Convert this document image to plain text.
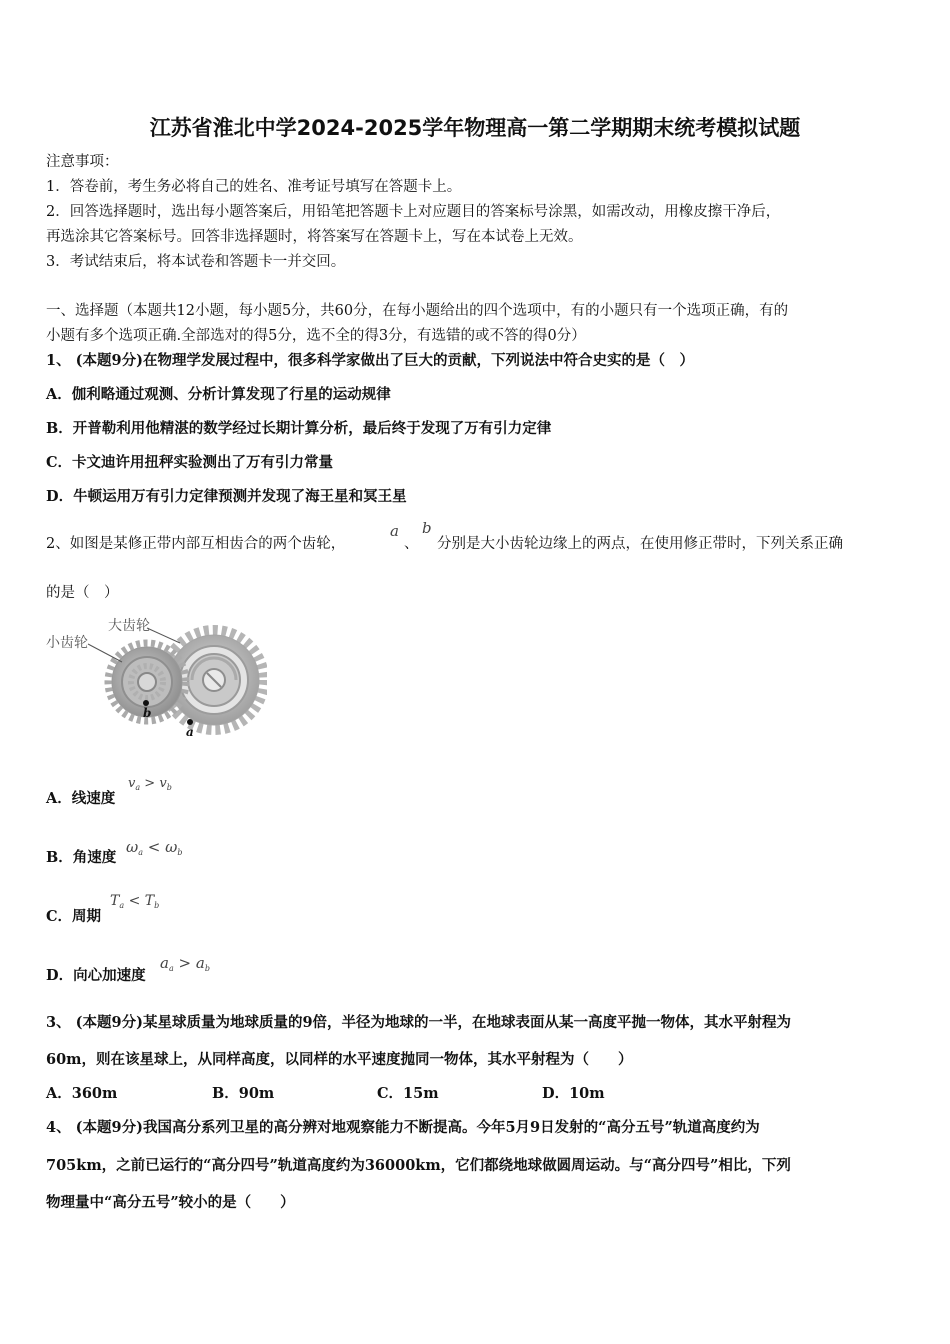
江苏省淮北中学2024-2025学年物理高一第二学期期末统考模拟试题
注意事项：
1．答卷前，考生务必将自己的姓名、准考证号填写在答题卡上。
2．回答选择题时，选出每小题答案后，用铅笔把答题卡上对应题目的答案标号涂黑，如需改动，用橡皮擦干净后，
再选涂其它答案标号。回答非选择题时，将答案写在答题卡上，写在本试卷上无效。
3．考试结束后，将本试卷和答题卡一并交回。
一、选择题（本题共12小题，每小题5分，共60分，在每小题给出的四个选项中，有的小题只有一个选项正确，有的
小题有多个选项正确.全部选对的得5分，选不全的得3分，有选错的或不答的得0分）
1、 (本题9分)在物理学发展过程中，很多科学家做出了巨大的贡献，下列说法中符合史实的是（　）
A．伽利略通过观测、分析计算发现了行星的运动规律
B．开普勒利用他精湛的数学经过长期计算分析，最后终于发现了万有引力定律
C．卡文迪许用扭秤实验测出了万有引力常量
D．牛顿运用万有引力定律预测并发现了海王星和冥王星
2、如图是某修正带内部互相齿合的两个齿轮，
a
、
b
分别是大小齿轮边缘上的两点，在使用修正带时，下列关系正确
的是（　）
小齿轮
大齿轮
b
a
A．线速度
$v_a > v_b$
B．角速度
$\omega_a < \omega_b$
C．周期
$T_a < T_b$
D．向心加速度
$a_a > a_b$
3、 (本题9分)某星球质量为地球质量的9倍，半径为地球的一半，在地球表面从某一高度平抛一物体，其水平射程为
60m，则在该星球上，从同样高度，以同样的水平速度抛同一物体，其水平射程为（　　）
A．360m	B．90m	C．15m	D．10m
4、 (本题9分)我国高分系列卫星的高分辨对地观察能力不断提高。今年5月9日发射的“高分五号”轨道高度约为
705km，之前已运行的“高分四号”轨道高度约为36000km，它们都绕地球做圆周运动。与“高分四号”相比，下列
物理量中“高分五号”较小的是（　　）
